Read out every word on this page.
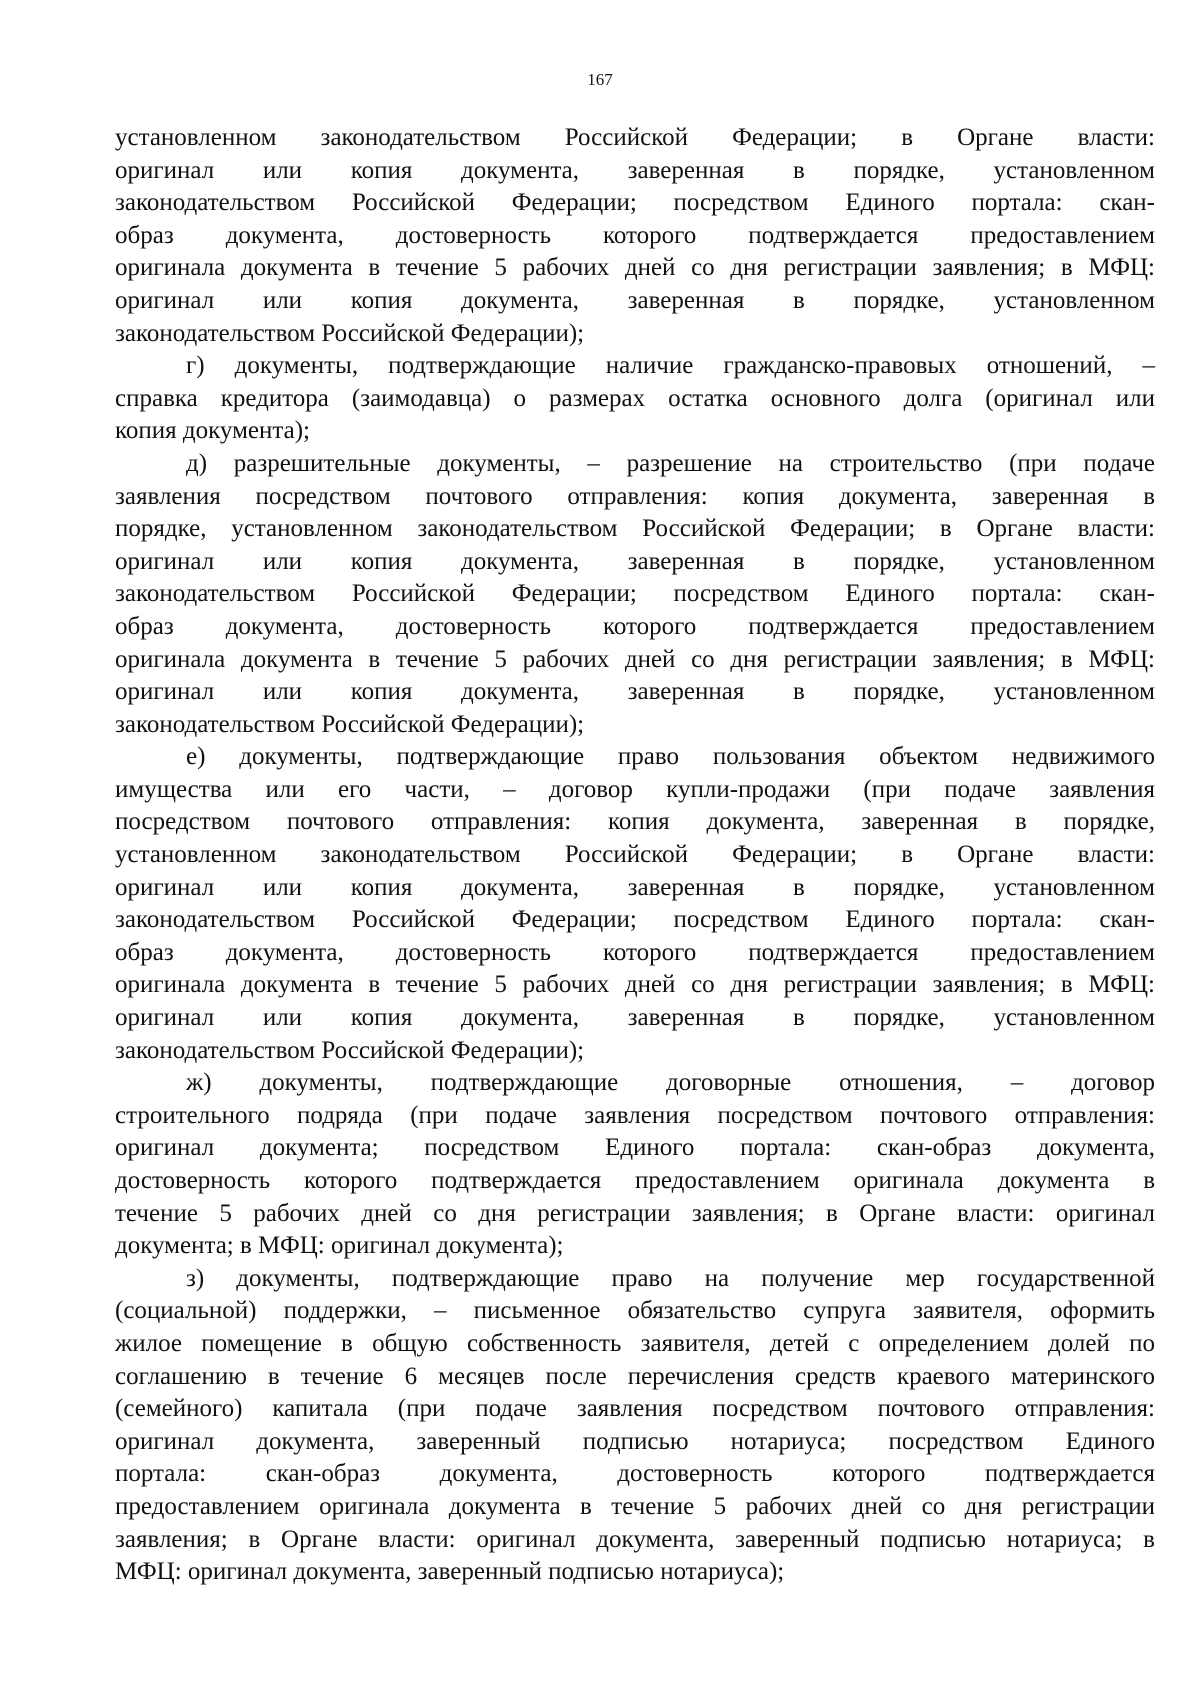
167
установленном законодательством Российской Федерации; в Органе власти:
оригинал или копия документа, заверенная в порядке, установленном
законодательством Российской Федерации; посредством Единого портала: скан-
образ документа, достоверность которого подтверждается предоставлением
оригинала документа в течение 5 рабочих дней со дня регистрации заявления; в МФЦ:
оригинал или копия документа, заверенная в порядке, установленном
законодательством Российской Федерации);
г) документы, подтверждающие наличие гражданско-правовых отношений, –
справка кредитора (заимодавца) о размерах остатка основного долга (оригинал или
копия документа);
д) разрешительные документы, – разрешение на строительство (при подаче
заявления посредством почтового отправления: копия документа, заверенная в
порядке, установленном законодательством Российской Федерации; в Органе власти:
оригинал или копия документа, заверенная в порядке, установленном
законодательством Российской Федерации; посредством Единого портала: скан-
образ документа, достоверность которого подтверждается предоставлением
оригинала документа в течение 5 рабочих дней со дня регистрации заявления; в МФЦ:
оригинал или копия документа, заверенная в порядке, установленном
законодательством Российской Федерации);
е) документы, подтверждающие право пользования объектом недвижимого
имущества или его части, – договор купли-продажи (при подаче заявления
посредством почтового отправления: копия документа, заверенная в порядке,
установленном законодательством Российской Федерации; в Органе власти:
оригинал или копия документа, заверенная в порядке, установленном
законодательством Российской Федерации; посредством Единого портала: скан-
образ документа, достоверность которого подтверждается предоставлением
оригинала документа в течение 5 рабочих дней со дня регистрации заявления; в МФЦ:
оригинал или копия документа, заверенная в порядке, установленном
законодательством Российской Федерации);
ж) документы, подтверждающие договорные отношения, – договор
строительного подряда (при подаче заявления посредством почтового отправления:
оригинал документа; посредством Единого портала: скан-образ документа,
достоверность которого подтверждается предоставлением оригинала документа в
течение 5 рабочих дней со дня регистрации заявления; в Органе власти: оригинал
документа; в МФЦ: оригинал документа);
з) документы, подтверждающие право на получение мер государственной
(социальной) поддержки, – письменное обязательство супруга заявителя, оформить
жилое помещение в общую собственность заявителя, детей с определением долей по
соглашению в течение 6 месяцев после перечисления средств краевого материнского
(семейного) капитала (при подаче заявления посредством почтового отправления:
оригинал документа, заверенный подписью нотариуса; посредством Единого
портала: скан-образ документа, достоверность которого подтверждается
предоставлением оригинала документа в течение 5 рабочих дней со дня регистрации
заявления; в Органе власти: оригинал документа, заверенный подписью нотариуса; в
МФЦ: оригинал документа, заверенный подписью нотариуса);
